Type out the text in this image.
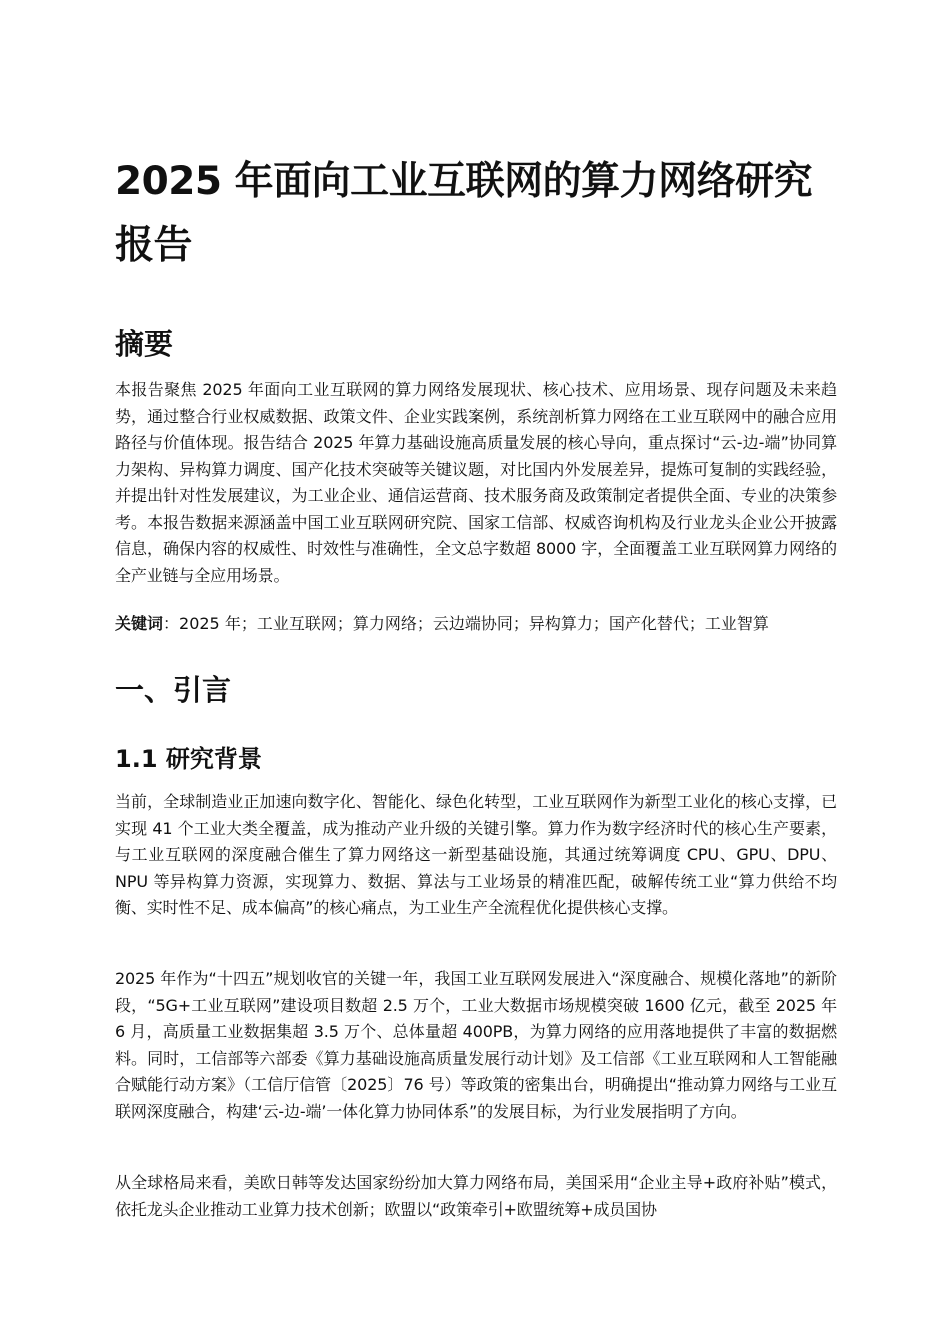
2025 年面向工业互联网的算力网络研究报告
摘要

本报告聚焦 2025 年面向工业互联网的算力网络发展现状、核心技术、应用场景、现存问题及未来趋势，通过整合行业权威数据、政策文件、企业实践案例，系统剖析算力网络在工业互联网中的融合应用路径与价值体现。报告结合 2025 年算力基础设施高质量发展的核心导向，重点探讨“云-边-端”协同算力架构、异构算力调度、国产化技术突破等关键议题，对比国内外发展差异，提炼可复制的实践经验，并提出针对性发展建议，为工业企业、通信运营商、技术服务商及政策制定者提供全面、专业的决策参考。本报告数据来源涵盖中国工业互联网研究院、国家工信部、权威咨询机构及行业龙头企业公开披露信息，确保内容的权威性、时效性与准确性，全文总字数超 8000 字，全面覆盖工业互联网算力网络的全产业链与全应用场景。

关键词：2025 年；工业互联网；算力网络；云边端协同；异构算力；国产化替代；工业智算
一、引言
1.1 研究背景

当前，全球制造业正加速向数字化、智能化、绿色化转型，工业互联网作为新型工业化的核心支撑，已实现 41 个工业大类全覆盖，成为推动产业升级的关键引擎。算力作为数字经济时代的核心生产要素，与工业互联网的深度融合催生了算力网络这一新型基础设施，其通过统筹调度 CPU、GPU、DPU、NPU 等异构算力资源，实现算力、数据、算法与工业场景的精准匹配，破解传统工业“算力供给不均衡、实时性不足、成本偏高”的核心痛点，为工业生产全流程优化提供核心支撑。

2025 年作为“十四五”规划收官的关键一年，我国工业互联网发展进入“深度融合、规模化落地”的新阶段，“5G+工业互联网”建设项目数超 2.5 万个，工业大数据市场规模突破 1600 亿元，截至 2025 年 6 月，高质量工业数据集超 3.5 万个、总体量超 400PB，为算力网络的应用落地提供了丰富的数据燃料。同时，工信部等六部委《算力基础设施高质量发展行动计划》及工信部《工业互联网和人工智能融合赋能行动方案》（工信厅信管〔2025〕76 号）等政策的密集出台，明确提出“推动算力网络与工业互联网深度融合，构建‘云-边-端’一体化算力协同体系”的发展目标，为行业发展指明了方向。

从全球格局来看，美欧日韩等发达国家纷纷加大算力网络布局，美国采用“企业主导+政府补贴”模式，依托龙头企业推动工业算力技术创新；欧盟以“政策牵引+欧盟统筹+成员国协
